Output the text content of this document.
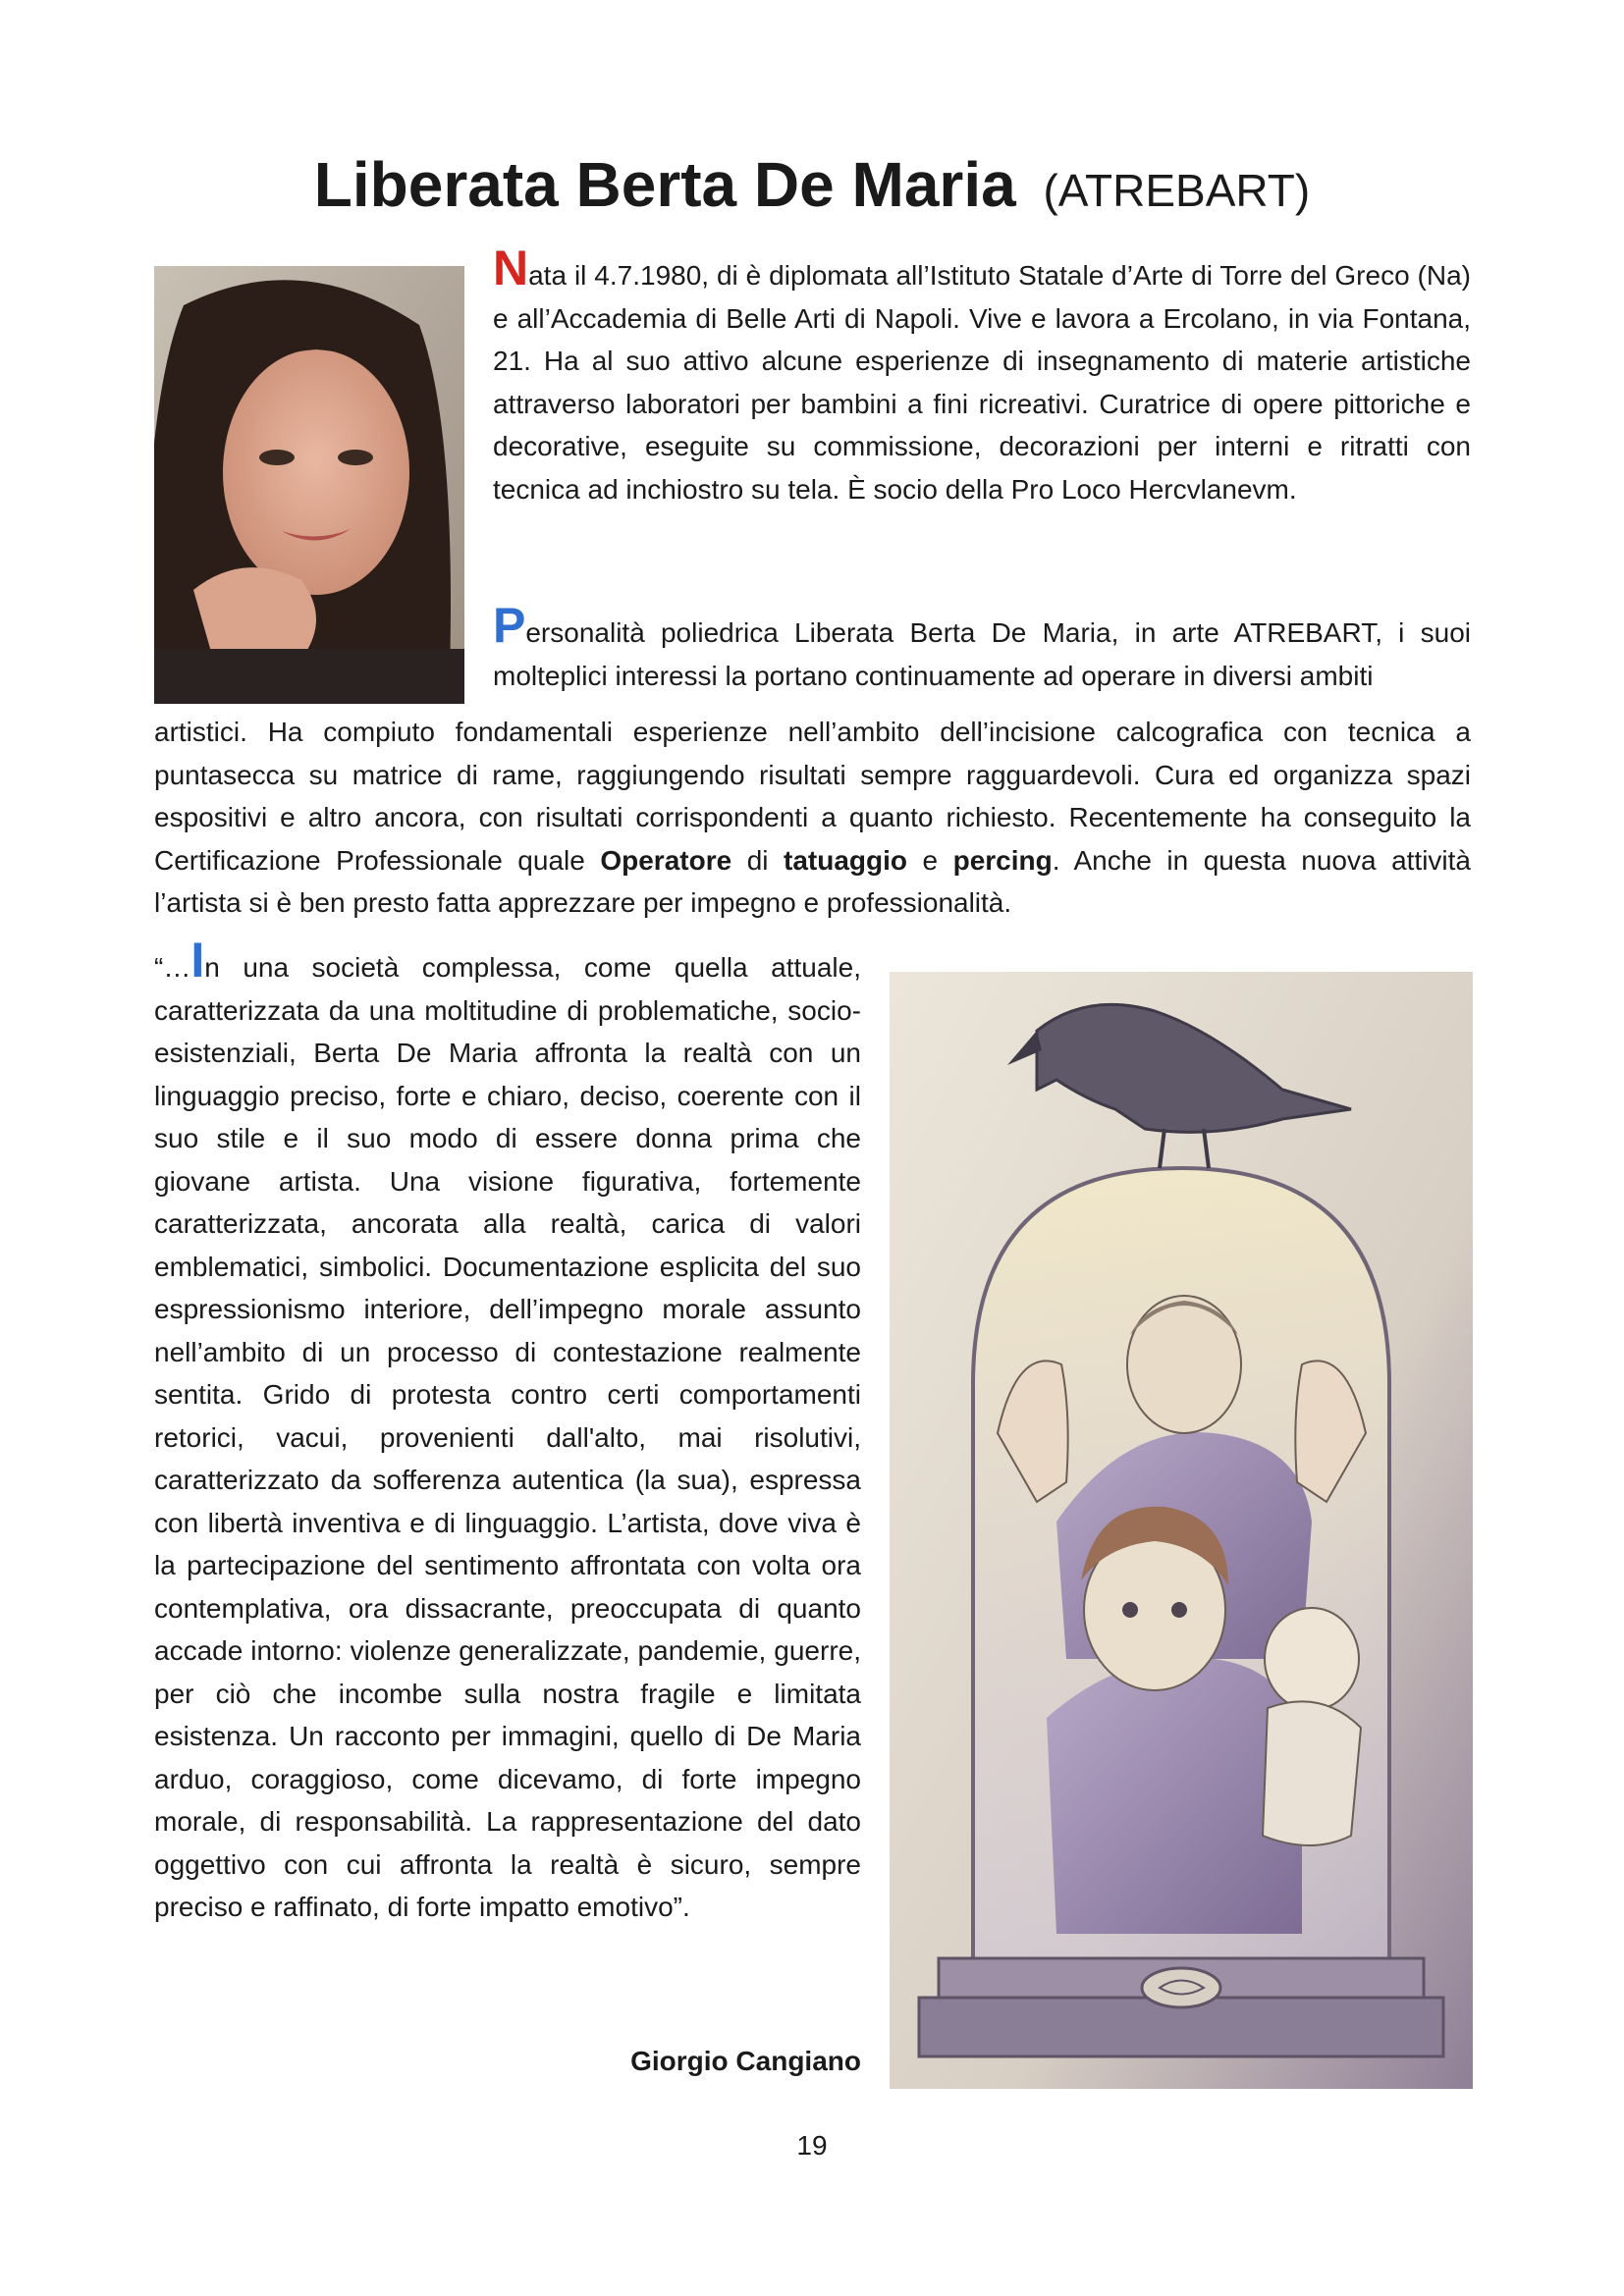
Liberata Berta De Maria (ATREBART)
Nata il 4.7.1980, di è diplomata all’Istituto Statale d’Arte di Torre del Greco (Na) e all’Accademia di Belle Arti di Napoli. Vive e lavora a Ercolano, in via Fontana, 21. Ha al suo attivo alcune esperienze di insegnamento di materie artistiche attraverso laboratori per bambini a fini ricreativi. Curatrice di opere pittoriche e decorative, eseguite su commissione, decorazioni per interni e ritratti con tecnica ad inchiostro su tela. È socio della Pro Loco Hercvlanevm.
Personalità poliedrica Liberata Berta De Maria, in arte ATREBART, i suoi molteplici interessi la portano continuamente ad operare in diversi ambiti
artistici. Ha compiuto fondamentali esperienze nell’ambito dell’incisione calcografica con tecnica a puntasecca su matrice di rame, raggiungendo risultati sempre ragguardevoli. Cura ed organizza spazi espositivi e altro ancora, con risultati corrispondenti a quanto richiesto. Recentemente ha conseguito la Certificazione Professionale quale Operatore di tatuaggio e percing. Anche in questa nuova attività l’artista si è ben presto fatta apprezzare per impegno e professionalità.
“…In una società complessa, come quella attuale, caratterizzata da una moltitudine di problematiche, socio-esistenziali, Berta De Maria affronta la realtà con un linguaggio preciso, forte e chiaro, deciso, coerente con il suo stile e il suo modo di essere donna prima che giovane artista. Una visione figurativa, fortemente caratterizzata, ancorata alla realtà, carica di valori emblematici, simbolici. Documentazione esplicita del suo espressionismo interiore, dell’impegno morale assunto nell’ambito di un processo di contestazione realmente sentita. Grido di protesta contro certi comportamenti retorici, vacui, provenienti dall'alto, mai risolutivi, caratterizzato da sofferenza autentica (la sua), espressa con libertà inventiva e di linguaggio. L’artista, dove viva è la partecipazione del sentimento affrontata con volta ora contemplativa, ora dissacrante, preoccupata di quanto accade intorno: violenze generalizzate, pandemie, guerre, per ciò che incombe sulla nostra fragile e limitata esistenza. Un racconto per immagini, quello di De Maria arduo, coraggioso, come dicevamo, di forte impegno morale, di responsabilità. La rappresentazione del dato oggettivo con cui affronta la realtà è sicuro, sempre preciso e raffinato, di forte impatto emotivo”.
Giorgio Cangiano
19
